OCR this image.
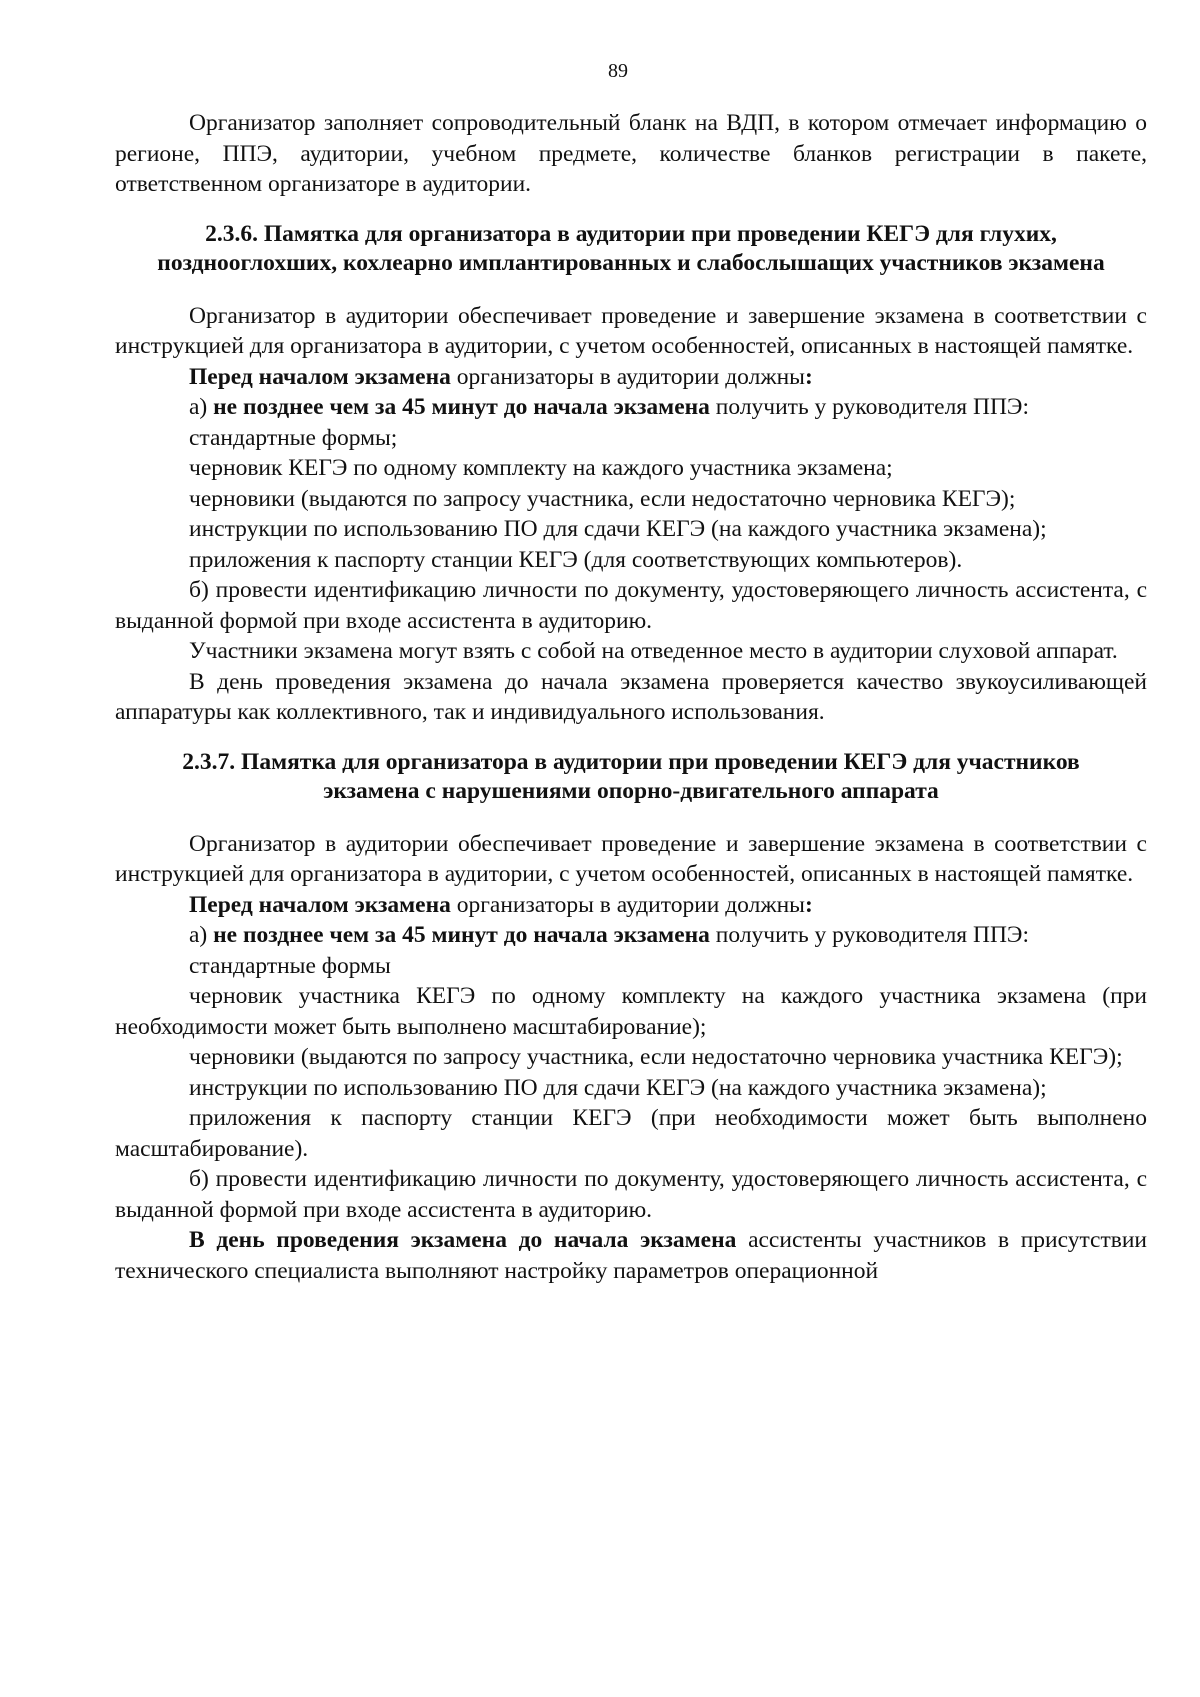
89

Организатор заполняет сопроводительный бланк на ВДП, в котором отмечает информацию о регионе, ППЭ, аудитории, учебном предмете, количестве бланков регистрации в пакете, ответственном организаторе в аудитории.

2.3.6. Памятка для организатора в аудитории при проведении КЕГЭ для глухих, позднооглохших, кохлеарно имплантированных и слабослышащих участников экзамена

Организатор в аудитории обеспечивает проведение и завершение экзамена в соответствии с инструкцией для организатора в аудитории, с учетом особенностей, описанных в настоящей памятке.

Перед началом экзамена организаторы в аудитории должны:

а) не позднее чем за 45 минут до начала экзамена получить у руководителя ППЭ:

стандартные формы;

черновик КЕГЭ по одному комплекту на каждого участника экзамена;

черновики (выдаются по запросу участника, если недостаточно черновика КЕГЭ);

инструкции по использованию ПО для сдачи КЕГЭ (на каждого участника экзамена);

приложения к паспорту станции КЕГЭ (для соответствующих компьютеров).

б) провести идентификацию личности по документу, удостоверяющего личность ассистента, с выданной формой при входе ассистента в аудиторию.

Участники экзамена могут взять с собой на отведенное место в аудитории слуховой аппарат.

В день проведения экзамена до начала экзамена проверяется качество звукоусиливающей аппаратуры как коллективного, так и индивидуального использования.

2.3.7. Памятка для организатора в аудитории при проведении КЕГЭ для участников экзамена с нарушениями опорно-двигательного аппарата

Организатор в аудитории обеспечивает проведение и завершение экзамена в соответствии с инструкцией для организатора в аудитории, с учетом особенностей, описанных в настоящей памятке.

Перед началом экзамена организаторы в аудитории должны:

а) не позднее чем за 45 минут до начала экзамена получить у руководителя ППЭ:

стандартные формы

черновик участника КЕГЭ по одному комплекту на каждого участника экзамена (при необходимости может быть выполнено масштабирование);

черновики (выдаются по запросу участника, если недостаточно черновика участника КЕГЭ);

инструкции по использованию ПО для сдачи КЕГЭ (на каждого участника экзамена);

приложения к паспорту станции КЕГЭ (при необходимости может быть выполнено масштабирование).

б) провести идентификацию личности по документу, удостоверяющего личность ассистента, с выданной формой при входе ассистента в аудиторию.

В день проведения экзамена до начала экзамена ассистенты участников в присутствии технического специалиста выполняют настройку параметров операционной
